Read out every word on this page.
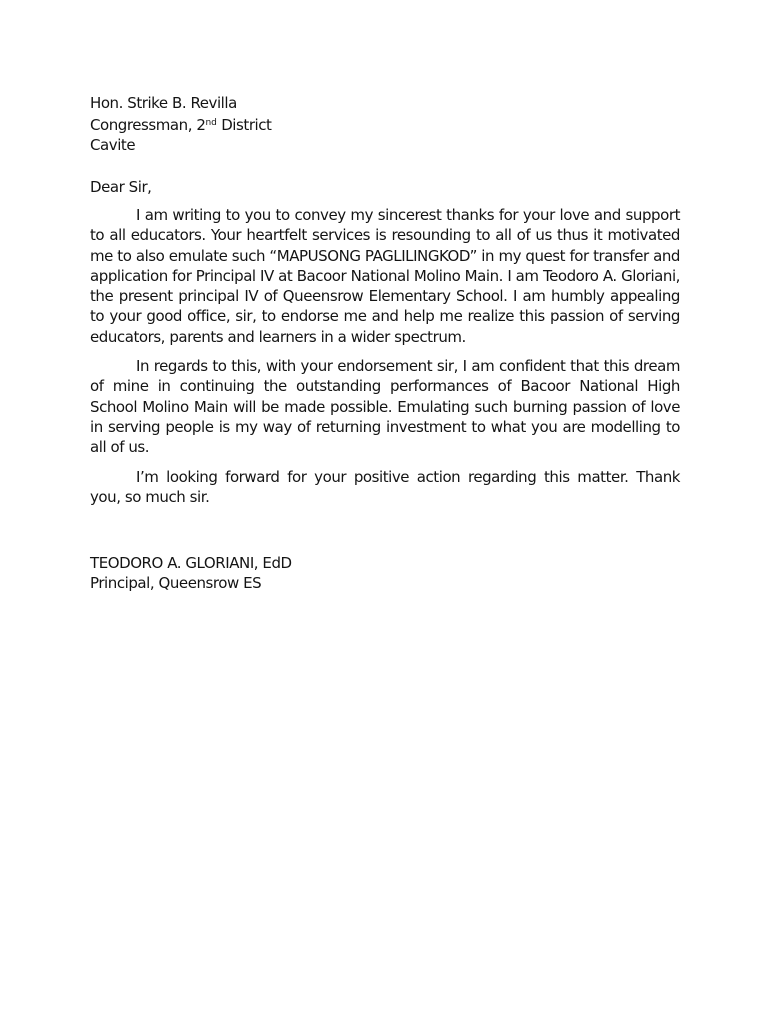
Hon. Strike B. Revilla
Congressman, 2nd District
Cavite
Dear Sir,

I am writing to you to convey my sincerest thanks for your love and support to all educators. Your heartfelt services is resounding to all of us thus it motivated me to also emulate such “MAPUSONG PAGLILINGKOD” in my quest for transfer and application for Principal IV at Bacoor National Molino Main. I am Teodoro A. Gloriani, the present principal IV of Queensrow Elementary School. I am humbly appealing to your good office, sir, to endorse me and help me realize this passion of serving educators, parents and learners in a wider spectrum.

In regards to this, with your endorsement sir, I am confident that this dream of mine in continuing the outstanding performances of Bacoor National High School Molino Main will be made possible. Emulating such burning passion of love in serving people is my way of returning investment to what you are modelling to all of us.

I’m looking forward for your positive action regarding this matter. Thank you, so much sir.

TEODORO A. GLORIANI, EdD
Principal, Queensrow ES
